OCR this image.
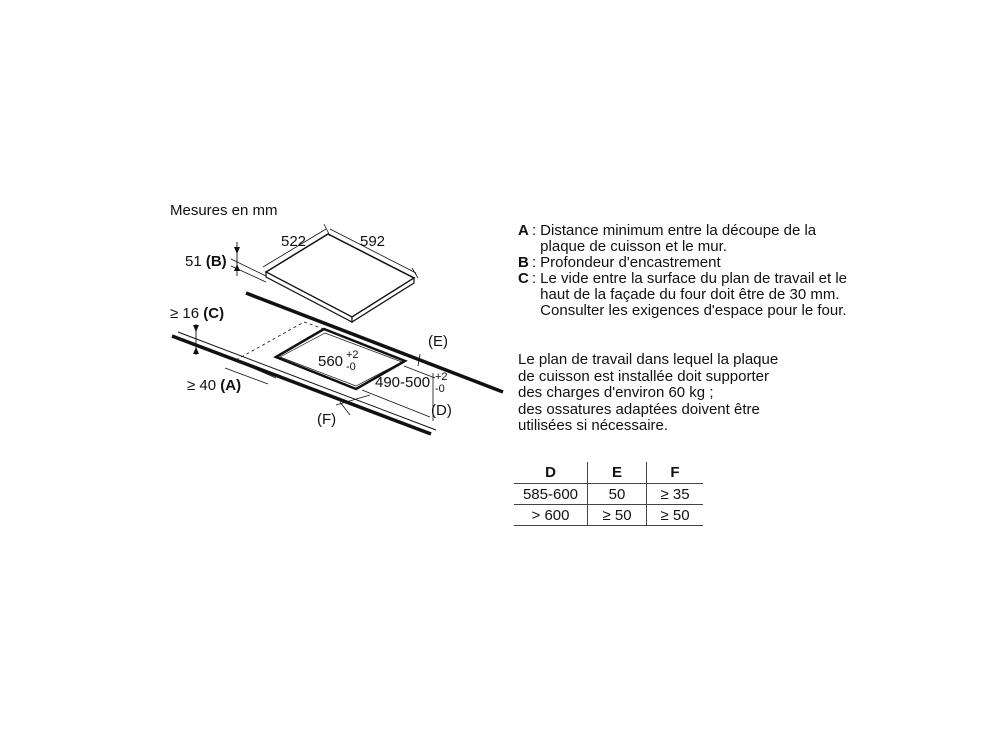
Mesures en mm
522	592
51 (B)
≥ 16 (C)
≥ 40 (A)
560 +2
-0
490-500 +2
-0
(E)
(D)
(F)
A : Distance minimum entre la découpe de la plaque de cuisson et le mur.
B : Profondeur d'encastrement
C : Le vide entre la surface du plan de travail et le haut de la façade du four doit être de 30 mm. Consulter les exigences d'espace pour le four.
Le plan de travail dans lequel la plaque
de cuisson est installée doit supporter
des charges d'environ 60 kg ;
des ossatures adaptées doivent être
utilisées si nécessaire.
D	E	F
585-600	50	≥ 35
> 600	≥ 50	≥ 50
